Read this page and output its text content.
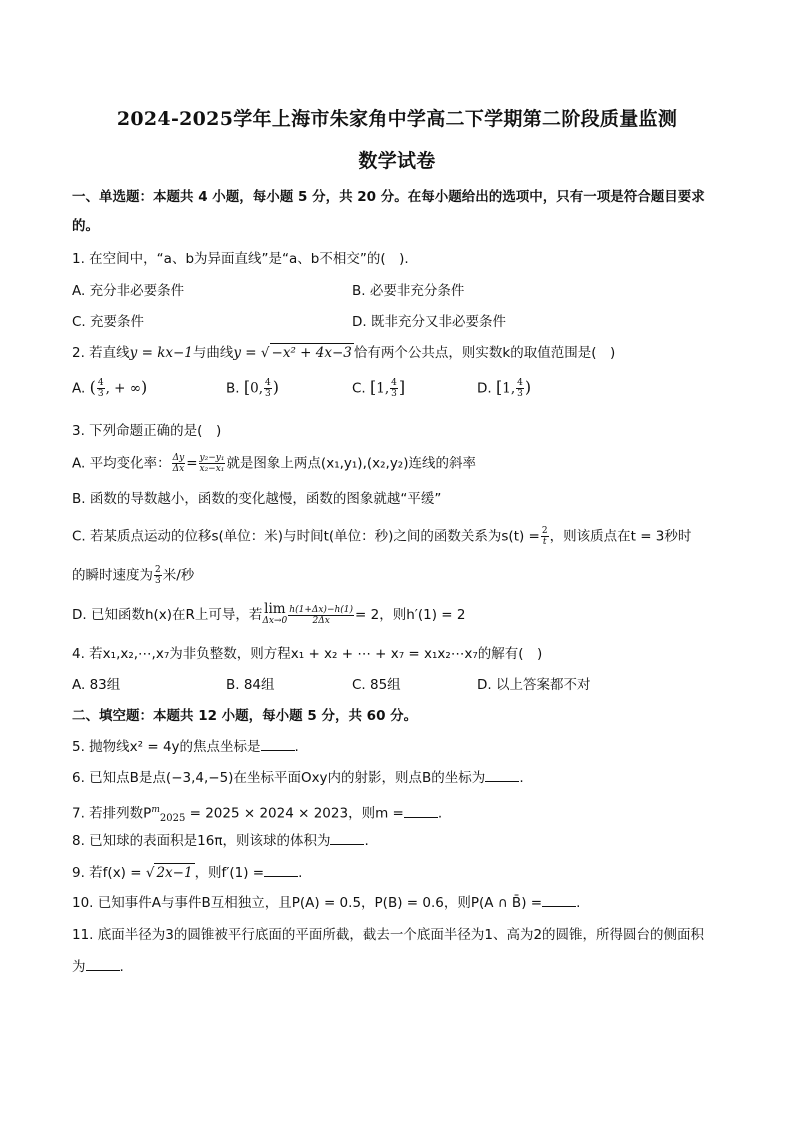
2024-2025学年上海市朱家角中学高二下学期第二阶段质量监测
数学试卷
一、单选题：本题共 4 小题，每小题 5 分，共 20 分。在每小题给出的选项中，只有一项是符合题目要求
的。
1. 在空间中，“a、b为异面直线”是“a、b不相交”的(　).
A. 充分非必要条件	B. 必要非充分条件
C. 充要条件	D. 既非充分又非必要条件
2. 若直线y = kx−1与曲线y = √ −x² + 4x−3 恰有两个公共点，则实数k的取值范围是(　)
A. ( $\frac{4}{3}$ , + ∞)	B. [0, $\frac{4}{3}$ )	C. [1, $\frac{4}{3}$ ]	D. [1, $\frac{4}{3}$ )
3. 下列命题正确的是(　)
A. 平均变化率： $\frac{\Delta y}{\Delta x} = \frac{\text{y₂−y₁}}{\text{x₂−x₁}}$ 就是图象上两点(x₁,y₁),(x₂,y₂)连线的斜率
B. 函数的导数越小，函数的变化越慢，函数的图象就越“平缓”
C. 若某质点运动的位移s(单位：米)与时间t(单位：秒)之间的函数关系为$s(t) = \frac{2}{t}$ ，则该质点在t = 3秒时
的瞬时速度为 $\frac{2}{3}$ 米/秒
D. 已知函数h(x)在R上可导，若 lim
$\Delta x\to 0 \frac{h(1+\Delta x)-h(1)}{2\Delta x} = 2$，则h′(1) = 2
4. 若x₁,x₂,⋯,x₇为非负整数，则方程x₁ + x₂ + ⋯ + x₇ = x₁x₂⋯x₇的解有(　)
A. 83组	B. 84组	C. 85组	D. 以上答案都不对
二、填空题：本题共 12 小题，每小题 5 分，共 60 分。
5. 抛物线x² = 4y的焦点坐标是	.
6. 已知点B是点(−3,4,−5)在坐标平面Oxy内的射影，则点B的坐标为	.
7. 若排列数$P^m_{2025} = 2025 \times 2024 \times 2023$，则m =	.
8. 已知球的表面积是16π，则该球的体积为	.
9. 若f(x) = √ 2x−1 ，则f′(1) =	.
10. 已知事件A与事件B互相独立，且P(A) = 0.5，P(B) = 0.6，则P(A ∩ B̄) =	.
11. 底面半径为3的圆锥被平行底面的平面所截，截去一个底面半径为1、高为2的圆锥，所得圆台的侧面积
为	.
